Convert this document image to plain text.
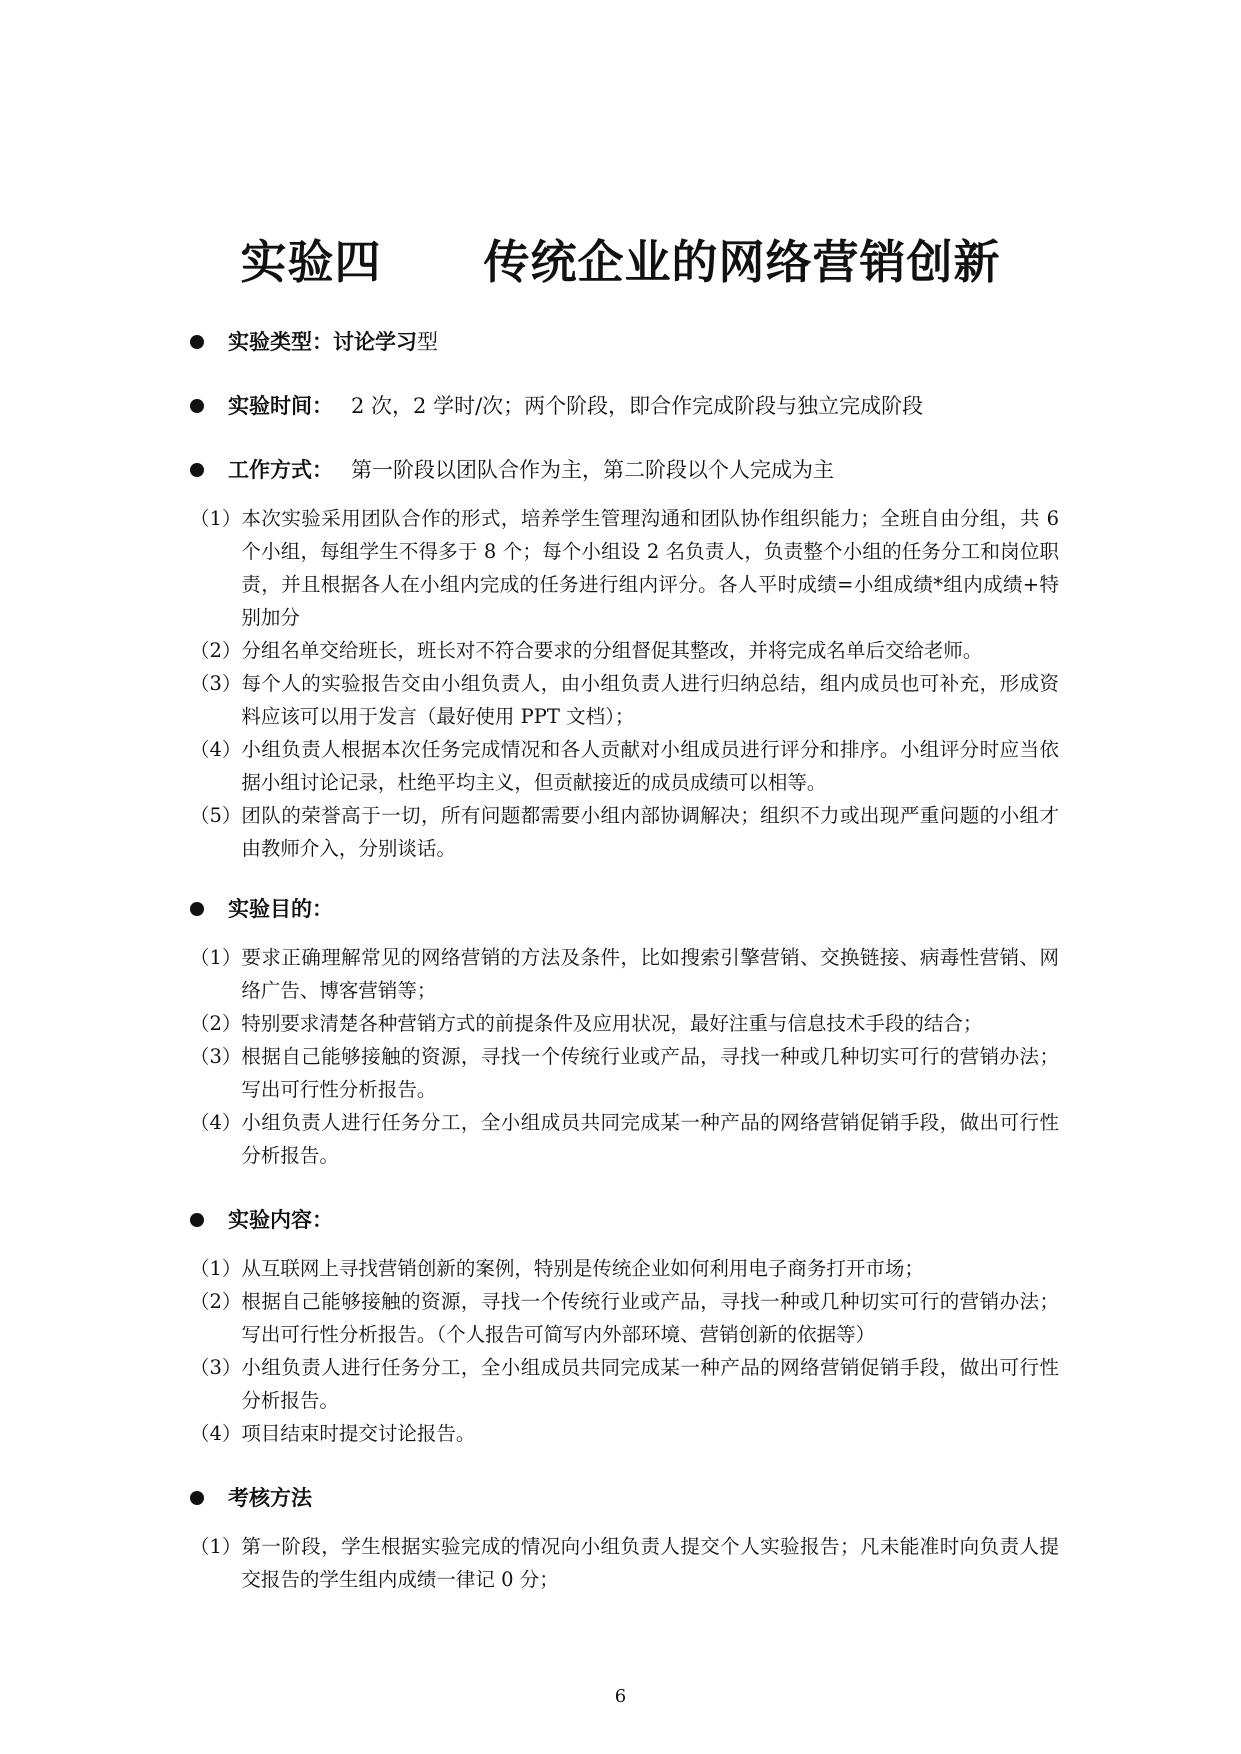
实验四      传统企业的网络营销创新
实验类型：讨论学习型
实验时间： 2 次，2 学时/次；两个阶段，即合作完成阶段与独立完成阶段
工作方式： 第一阶段以团队合作为主，第二阶段以个人完成为主
（1） 本次实验采用团队合作的形式，培养学生管理沟通和团队协作组织能力；全班自由分组，共 6 个小组，每组学生不得多于 8 个；每个小组设 2 名负责人，负责整个小组的任务分工和岗位职责，并且根据各人在小组内完成的任务进行组内评分。各人平时成绩=小组成绩*组内成绩+特别加分
（2） 分组名单交给班长，班长对不符合要求的分组督促其整改，并将完成名单后交给老师。
（3） 每个人的实验报告交由小组负责人，由小组负责人进行归纳总结，组内成员也可补充，形成资料应该可以用于发言（最好使用 PPT 文档）；
（4） 小组负责人根据本次任务完成情况和各人贡献对小组成员进行评分和排序。小组评分时应当依据小组讨论记录，杜绝平均主义，但贡献接近的成员成绩可以相等。
（5） 团队的荣誉高于一切，所有问题都需要小组内部协调解决；组织不力或出现严重问题的小组才由教师介入，分别谈话。
实验目的：
（1） 要求正确理解常见的网络营销的方法及条件，比如搜索引擎营销、交换链接、病毒性营销、网络广告、博客营销等；
（2） 特别要求清楚各种营销方式的前提条件及应用状况，最好注重与信息技术手段的结合；
（3） 根据自己能够接触的资源，寻找一个传统行业或产品，寻找一种或几种切实可行的营销办法；写出可行性分析报告。
（4） 小组负责人进行任务分工，全小组成员共同完成某一种产品的网络营销促销手段，做出可行性分析报告。
实验内容：
（1） 从互联网上寻找营销创新的案例，特别是传统企业如何利用电子商务打开市场；
（2） 根据自己能够接触的资源，寻找一个传统行业或产品，寻找一种或几种切实可行的营销办法；写出可行性分析报告。（个人报告可简写内外部环境、营销创新的依据等）
（3） 小组负责人进行任务分工，全小组成员共同完成某一种产品的网络营销促销手段，做出可行性分析报告。
（4） 项目结束时提交讨论报告。
考核方法
（1） 第一阶段，学生根据实验完成的情况向小组负责人提交个人实验报告；凡未能准时向负责人提交报告的学生组内成绩一律记 0 分；
6
